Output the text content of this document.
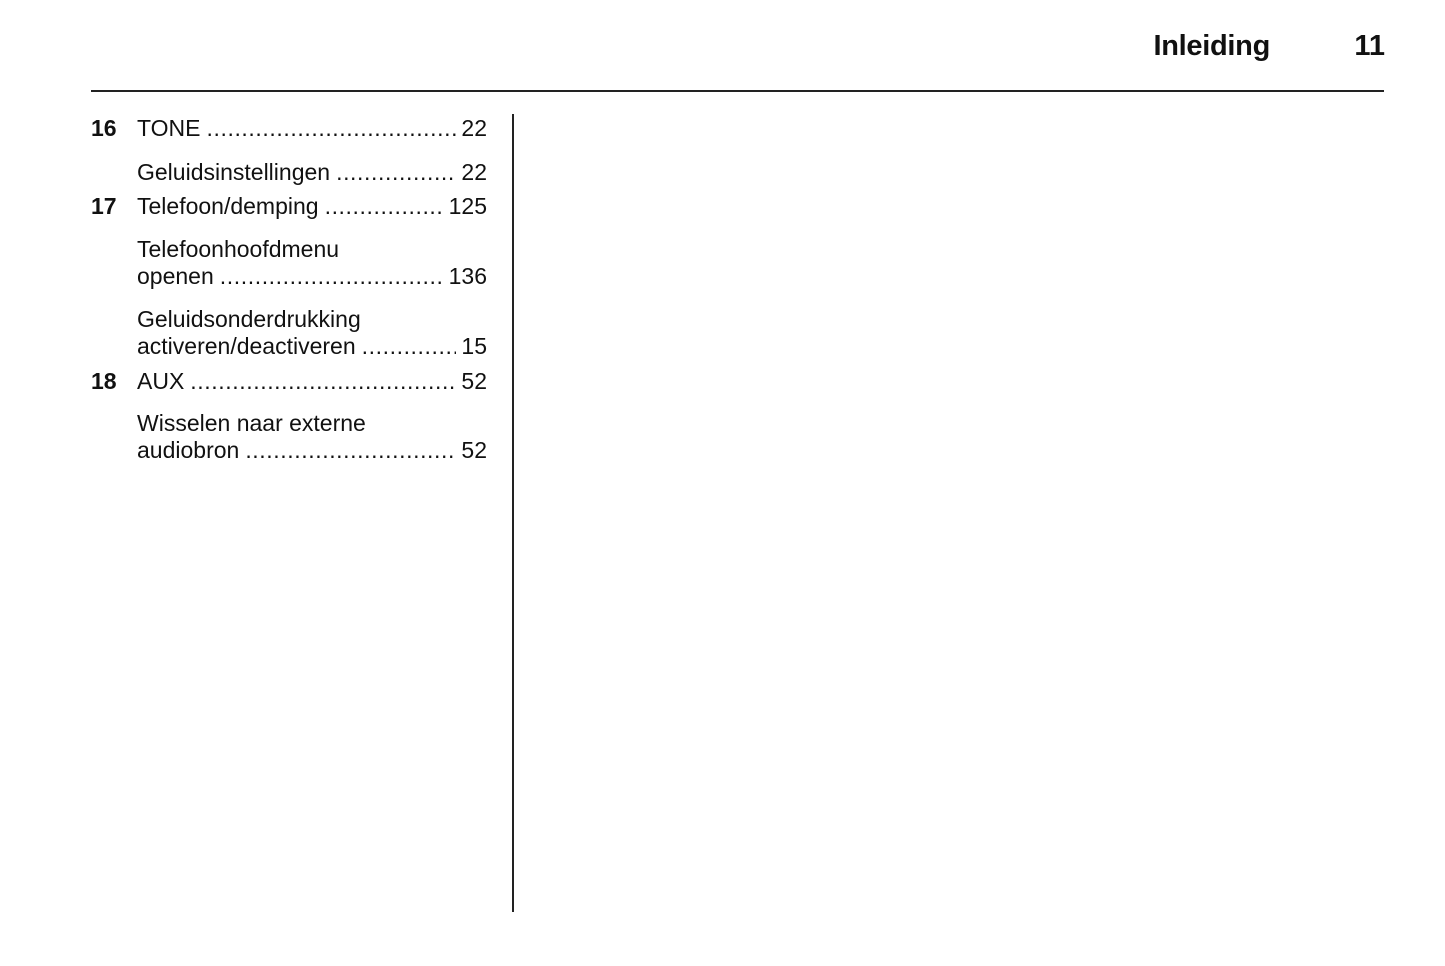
Inleiding	11
16 TONE .....	22
Geluidsinstellingen .....	22
17 Telefoon/demping .....	125
Telefoonhoofdmenu
openen .....	136
Geluidsonderdrukking
activeren/deactiveren .....	15
18 AUX .....	52
Wisselen naar externe
audiobron .....	52
